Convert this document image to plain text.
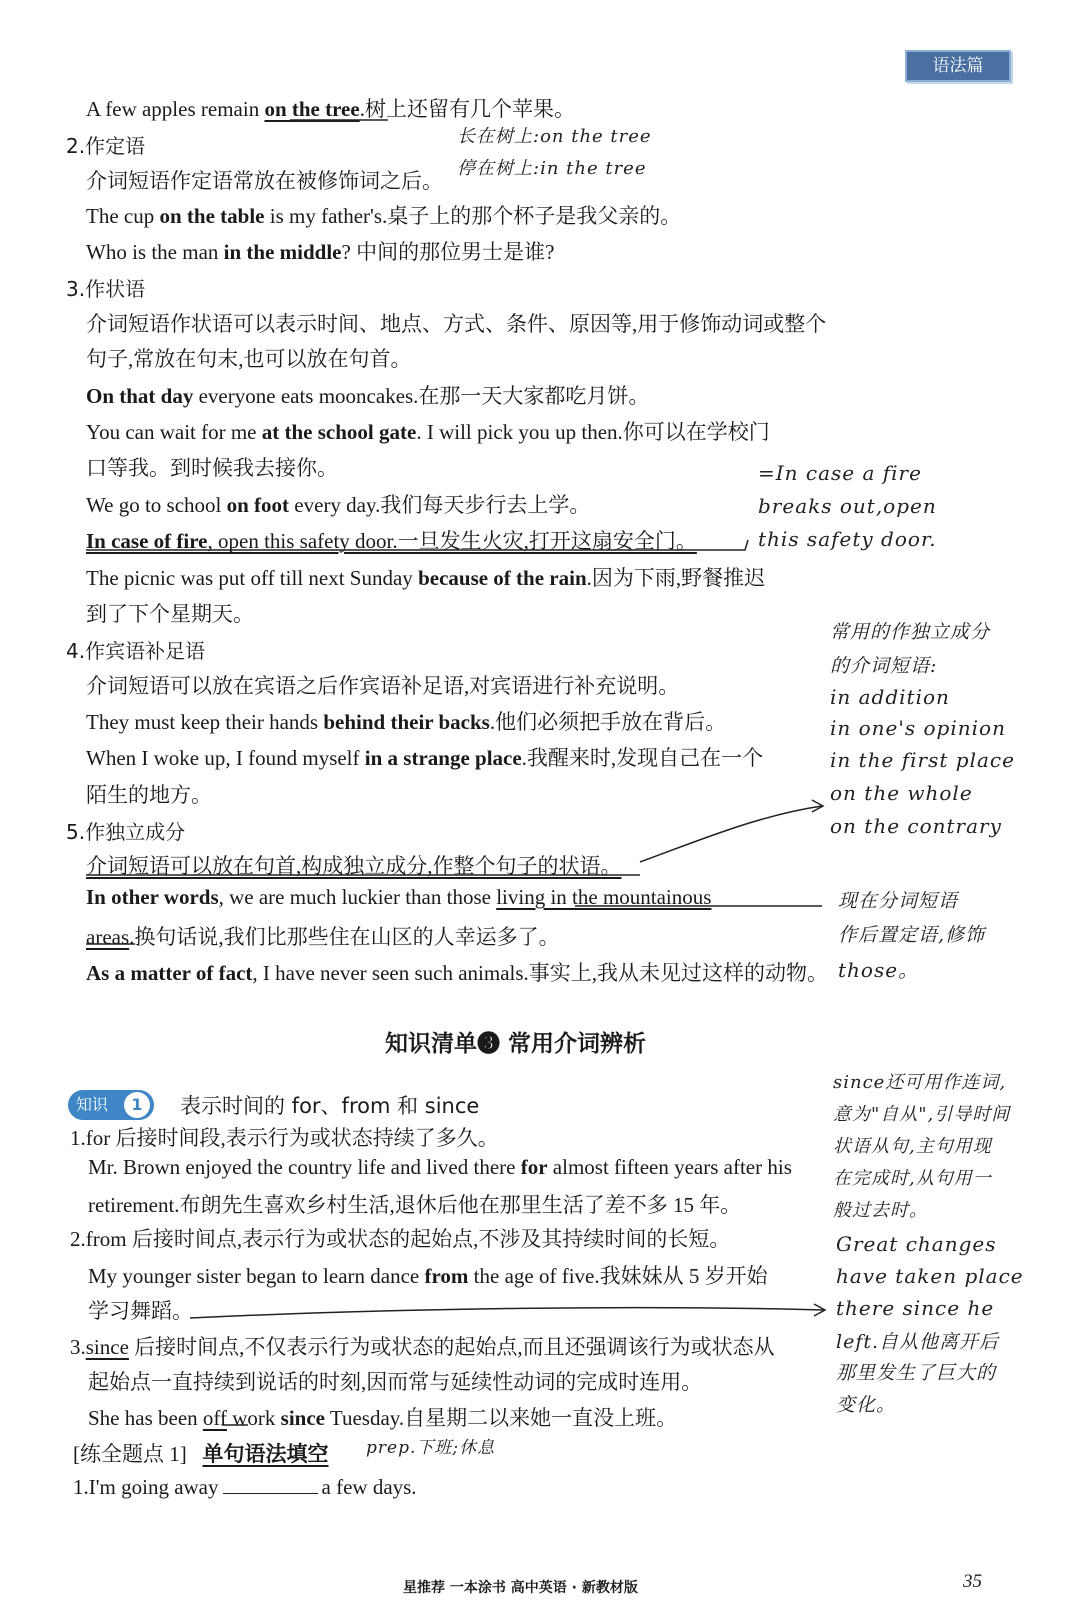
语法篇
A few apples remain on the tree.树上还留有几个苹果。
2.作定语
介词短语作定语常放在被修饰词之后。
The cup on the table is my father's.桌子上的那个杯子是我父亲的。
Who is the man in the middle? 中间的那位男士是谁?
3.作状语
介词短语作状语可以表示时间、地点、方式、条件、原因等,用于修饰动词或整个
句子,常放在句末,也可以放在句首。
On that day everyone eats mooncakes.在那一天大家都吃月饼。
You can wait for me at the school gate. I will pick you up then.你可以在学校门
口等我。到时候我去接你。
We go to school on foot every day.我们每天步行去上学。
In case of fire, open this safety door.一旦发生火灾,打开这扇安全门。
The picnic was put off till next Sunday because of the rain.因为下雨,野餐推迟
到了下个星期天。
4.作宾语补足语
介词短语可以放在宾语之后作宾语补足语,对宾语进行补充说明。
They must keep their hands behind their backs.他们必须把手放在背后。
When I woke up, I found myself in a strange place.我醒来时,发现自己在一个
陌生的地方。
5.作独立成分
介词短语可以放在句首,构成独立成分,作整个句子的状语。
In other words, we are much luckier than those living in the mountainous
areas.换句话说,我们比那些住在山区的人幸运多了。
As a matter of fact, I have never seen such animals.事实上,我从未见过这样的动物。
知识清单❸ 常用介词辨析
知识	1	表示时间的 for、from 和 since
1.for 后接时间段,表示行为或状态持续了多久。
Mr. Brown enjoyed the country life and lived there for almost fifteen years after his
retirement.布朗先生喜欢乡村生活,退休后他在那里生活了差不多 15 年。
2.from 后接时间点,表示行为或状态的起始点,不涉及其持续时间的长短。
My younger sister began to learn dance from the age of five.我妹妹从 5 岁开始
学习舞蹈。
3.since 后接时间点,不仅表示行为或状态的起始点,而且还强调该行为或状态从
起始点一直持续到说话的时刻,因而常与延续性动词的完成时连用。
She has been off work since Tuesday.自星期二以来她一直没上班。
[练全题点 1] 单句语法填空
1.I'm going away	a few days.
长在树上:on the tree
停在树上:in the tree
=In case a fire
breaks out,open
this safety door.
常用的作独立成分
的介词短语:
in addition
in one's opinion
in the first place
on the whole
on the contrary
现在分词短语
作后置定语,修饰
those。
since还可用作连词,
意为"自从",引导时间
状语从句,主句用现
在完成时,从句用一
般过去时。
Great changes
have taken place
there since he
left.自从他离开后
那里发生了巨大的
变化。
prep.下班;休息
星推荐 一本涂书 高中英语 · 新教材版	35
